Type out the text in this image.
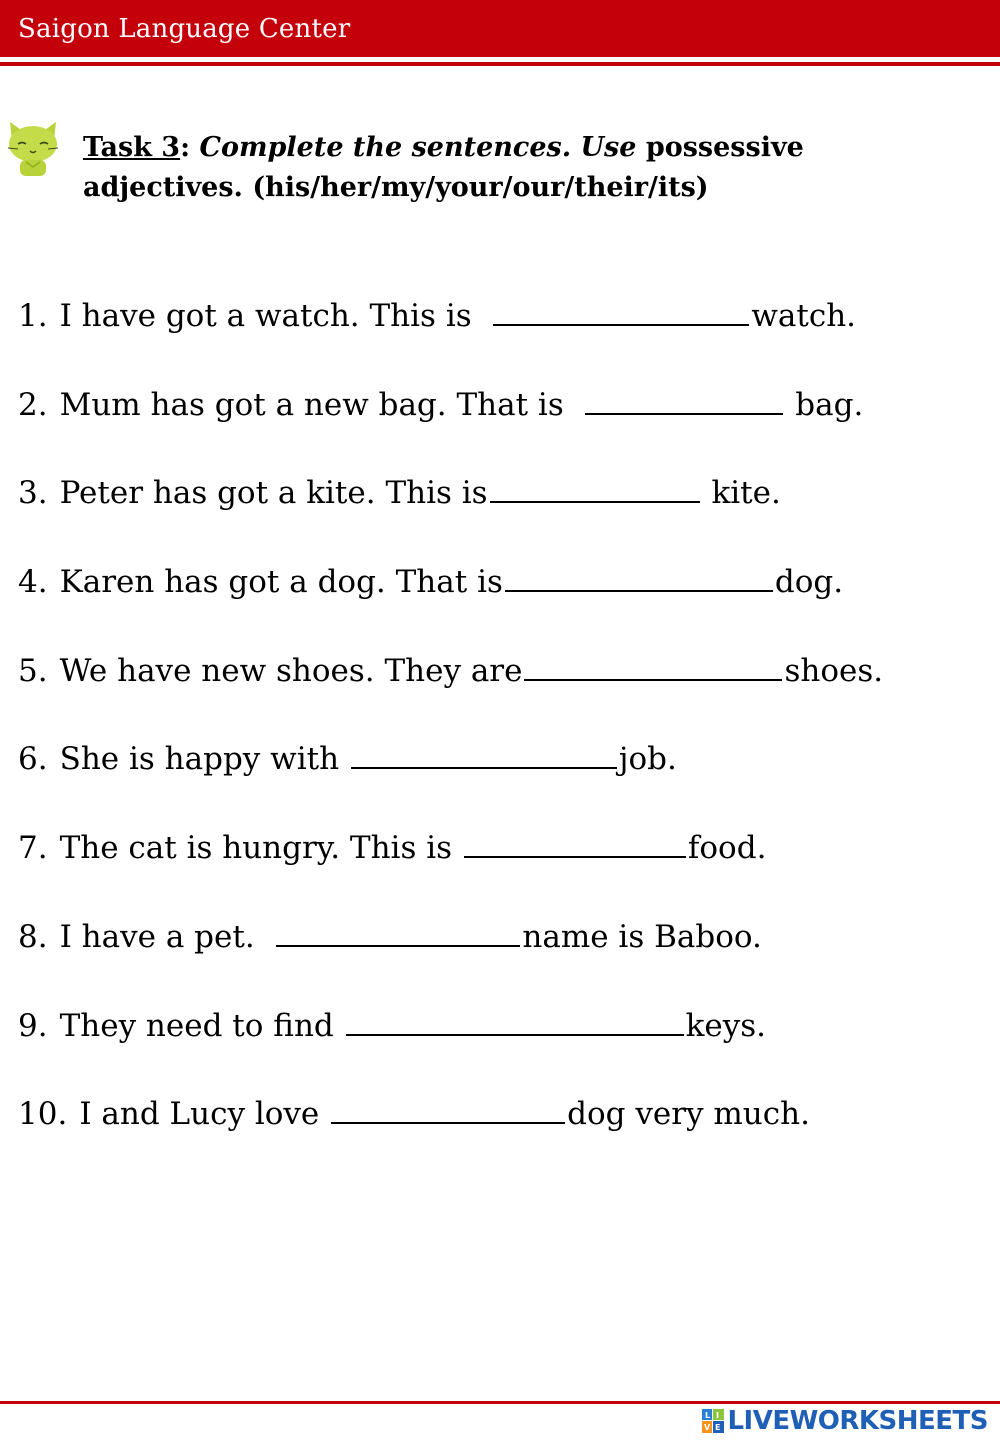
Saigon Language Center
Task 3: Complete the sentences. Use possessive adjectives. (his/her/my/your/our/their/its)
1. I have got a watch. This is	watch.
2. Mum has got a new bag. That is	bag.
3. Peter has got a kite. This is	kite.
4. Karen has got a dog. That is	dog.
5. We have new shoes. They are	shoes.
6. She is happy with	job.
7. The cat is hungry. This is	food.
8. I have a pet.	name is Baboo.
9. They need to find	keys.
10. I and Lucy love	dog very much.
L I
V E LIVEWORKSHEETS
